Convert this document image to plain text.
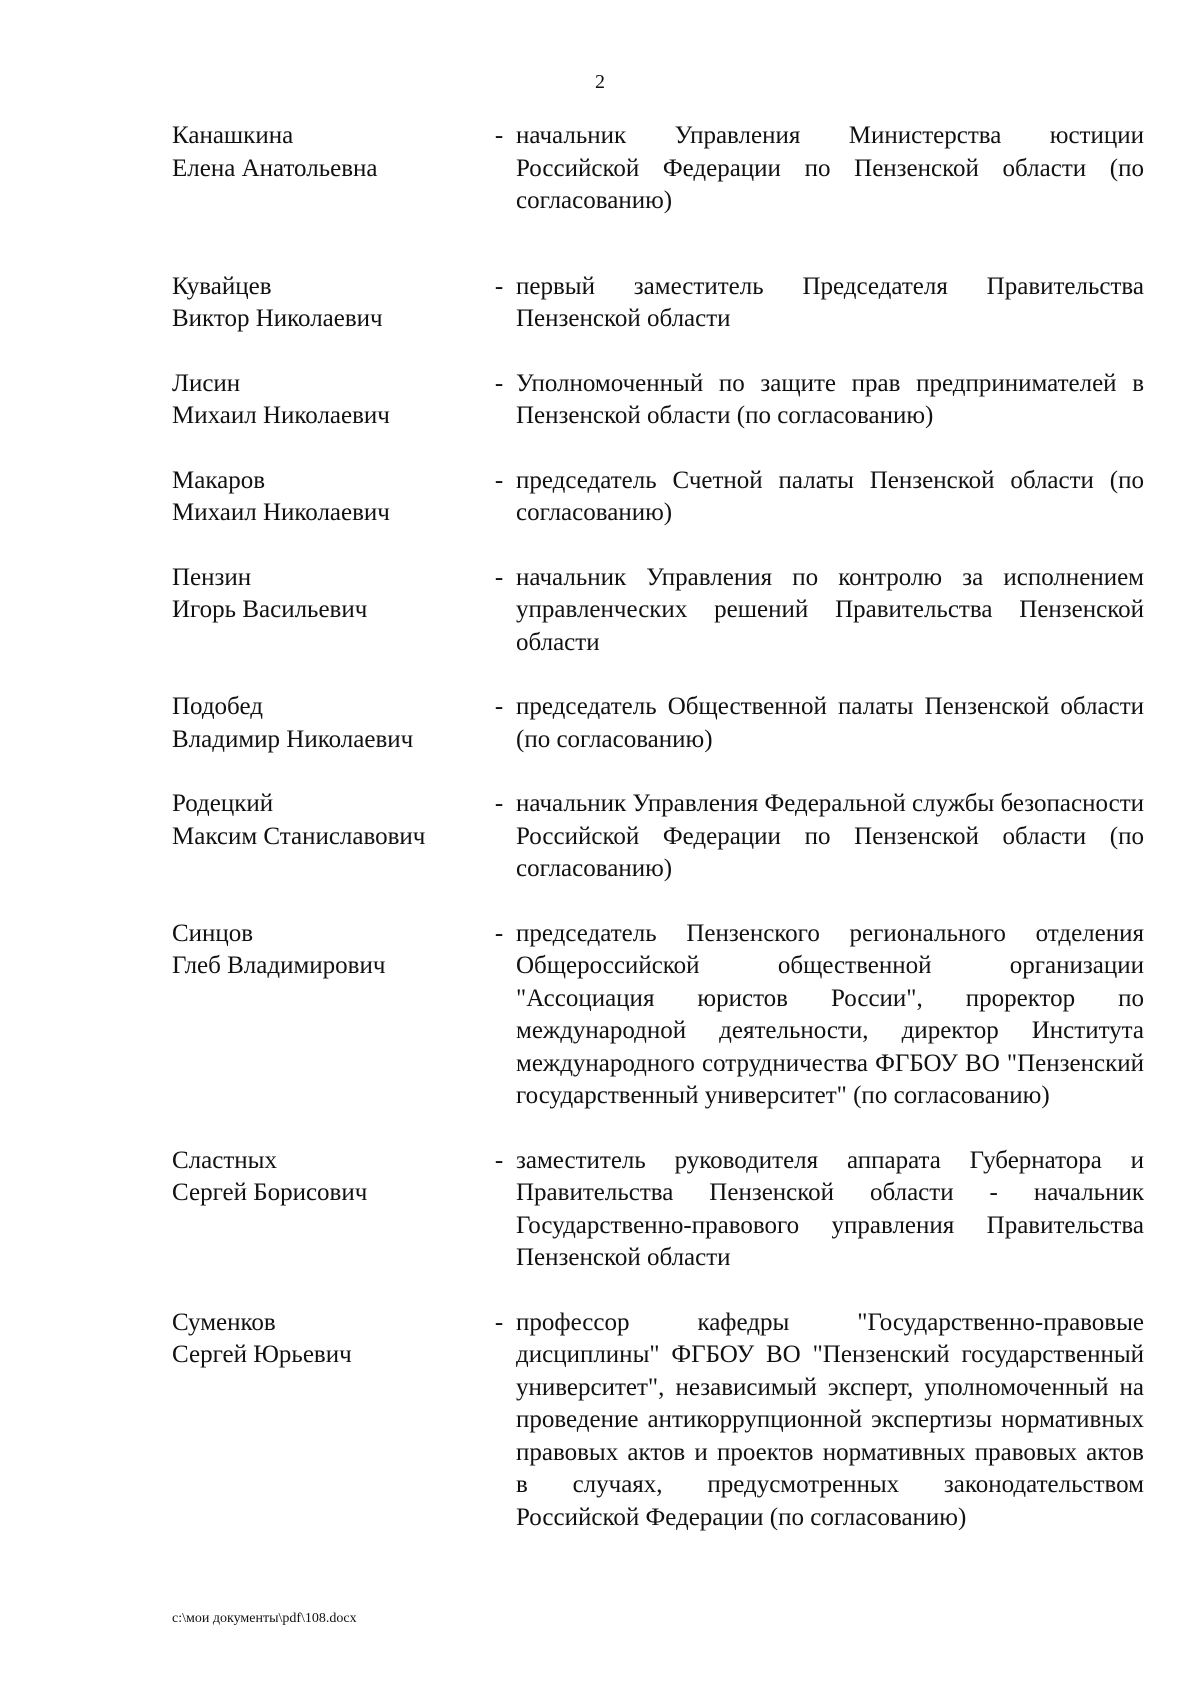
2
Канашкина
Елена Анатольевна
- начальник Управления Министерства юстиции Российской Федерации по Пензенской области (по согласованию)
Кувайцев
Виктор Николаевич
- первый заместитель Председателя Правительства Пензенской области
Лисин
Михаил Николаевич
- Уполномоченный по защите прав предпринимателей в Пензенской области (по согласованию)
Макаров
Михаил Николаевич
- председатель Счетной палаты Пензенской области (по согласованию)
Пензин
Игорь Васильевич
- начальник Управления по контролю за исполнением управленческих решений Правительства Пензенской области
Подобед
Владимир Николаевич
- председатель Общественной палаты Пензенской области (по согласованию)
Родецкий
Максим Станиславович
- начальник Управления Федеральной службы безопасности Российской Федерации по Пензенской области (по согласованию)
Синцов
Глеб Владимирович
- председатель Пензенского регионального отделения Общероссийской общественной организации "Ассоциация юристов России", проректор по международной деятельности, директор Института международного сотрудничества ФГБОУ ВО "Пензенский государственный университет" (по согласованию)
Сластных
Сергей Борисович
- заместитель руководителя аппарата Губернатора и Правительства Пензенской области - начальник Государственно-правового управления Правительства Пензенской области
Суменков
Сергей Юрьевич
- профессор кафедры "Государственно-правовые дисциплины" ФГБОУ ВО "Пензенский государственный университет", независимый эксперт, уполномоченный на проведение антикоррупционной экспертизы нормативных правовых актов и проектов нормативных правовых актов в случаях, предусмотренных законодательством Российской Федерации (по согласованию)
c:\мои документы\pdf\108.docx
